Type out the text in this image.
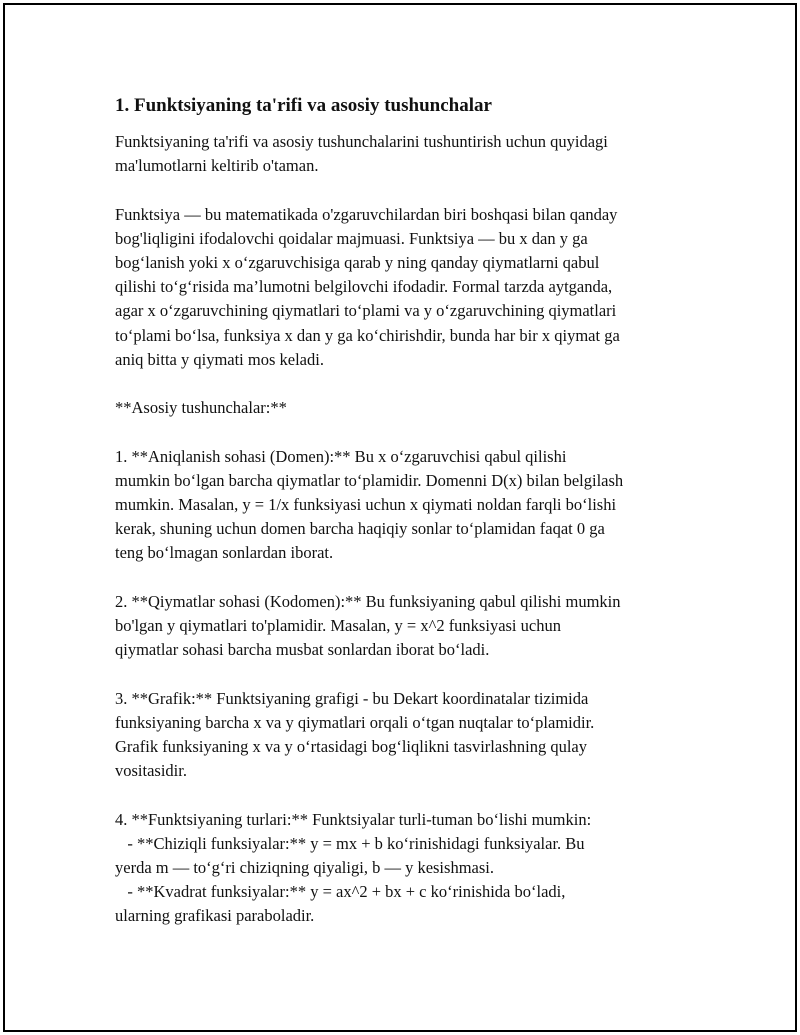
1. Funktsiyaning ta'rifi va asosiy tushunchalar
Funktsiyaning ta'rifi va asosiy tushunchalarini tushuntirish uchun quyidagi
ma'lumotlarni keltirib o'taman.
Funktsiya — bu matematikada o'zgaruvchilardan biri boshqasi bilan qanday
bog'liqligini ifodalovchi qoidalar majmuasi. Funktsiya — bu x dan y ga
bog‘lanish yoki x o‘zgaruvchisiga qarab y ning qanday qiymatlarni qabul
qilishi to‘g‘risida ma’lumotni belgilovchi ifodadir. Formal tarzda aytganda,
agar x o‘zgaruvchining qiymatlari to‘plami va y o‘zgaruvchining qiymatlari
to‘plami bo‘lsa, funksiya x dan y ga ko‘chirishdir, bunda har bir x qiymat ga
aniq bitta y qiymati mos keladi.
**Asosiy tushunchalar:**
1. **Aniqlanish sohasi (Domen):** Bu x o‘zgaruvchisi qabul qilishi
mumkin bo‘lgan barcha qiymatlar to‘plamidir. Domenni D(x) bilan belgilash
mumkin. Masalan, y = 1/x funksiyasi uchun x qiymati noldan farqli bo‘lishi
kerak, shuning uchun domen barcha haqiqiy sonlar to‘plamidan faqat 0 ga
teng bo‘lmagan sonlardan iborat.
2. **Qiymatlar sohasi (Kodomen):** Bu funksiyaning qabul qilishi mumkin
bo'lgan y qiymatlari to'plamidir. Masalan, y = x^2 funksiyasi uchun
qiymatlar sohasi barcha musbat sonlardan iborat bo‘ladi.
3. **Grafik:** Funktsiyaning grafigi - bu Dekart koordinatalar tizimida
funksiyaning barcha x va y qiymatlari orqali o‘tgan nuqtalar to‘plamidir.
Grafik funksiyaning x va y o‘rtasidagi bog‘liqlikni tasvirlashning qulay
vositasidir.
4. **Funktsiyaning turlari:** Funktsiyalar turli-tuman bo‘lishi mumkin:
- **Chiziqli funksiyalar:** y = mx + b ko‘rinishidagi funksiyalar. Bu
yerda m — to‘g‘ri chiziqning qiyaligi, b — y kesishmasi.
- **Kvadrat funksiyalar:** y = ax^2 + bx + c ko‘rinishida bo‘ladi,
ularning grafikasi paraboladir.
